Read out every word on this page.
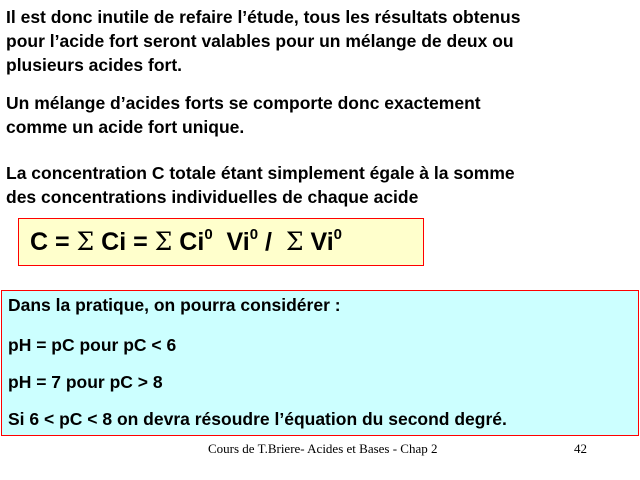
Il est donc inutile de refaire l’étude, tous les résultats obtenus
pour l’acide fort seront valables pour un mélange de deux ou
plusieurs acides fort.
Un mélange d’acides forts se comporte donc exactement
comme un acide fort unique.
La concentration C totale étant simplement égale à la somme
des concentrations individuelles de chaque acide
C = Σ Ci = Σ Ci$^0$  Vi$^0$ /  Σ Vi$^0$
Dans la pratique, on pourra considérer :
pH = pC pour pC < 6
pH = 7 pour pC > 8
Si 6 < pC < 8 on devra résoudre l’équation du second degré.
Cours de T.Briere- Acides et Bases - Chap 2	42
